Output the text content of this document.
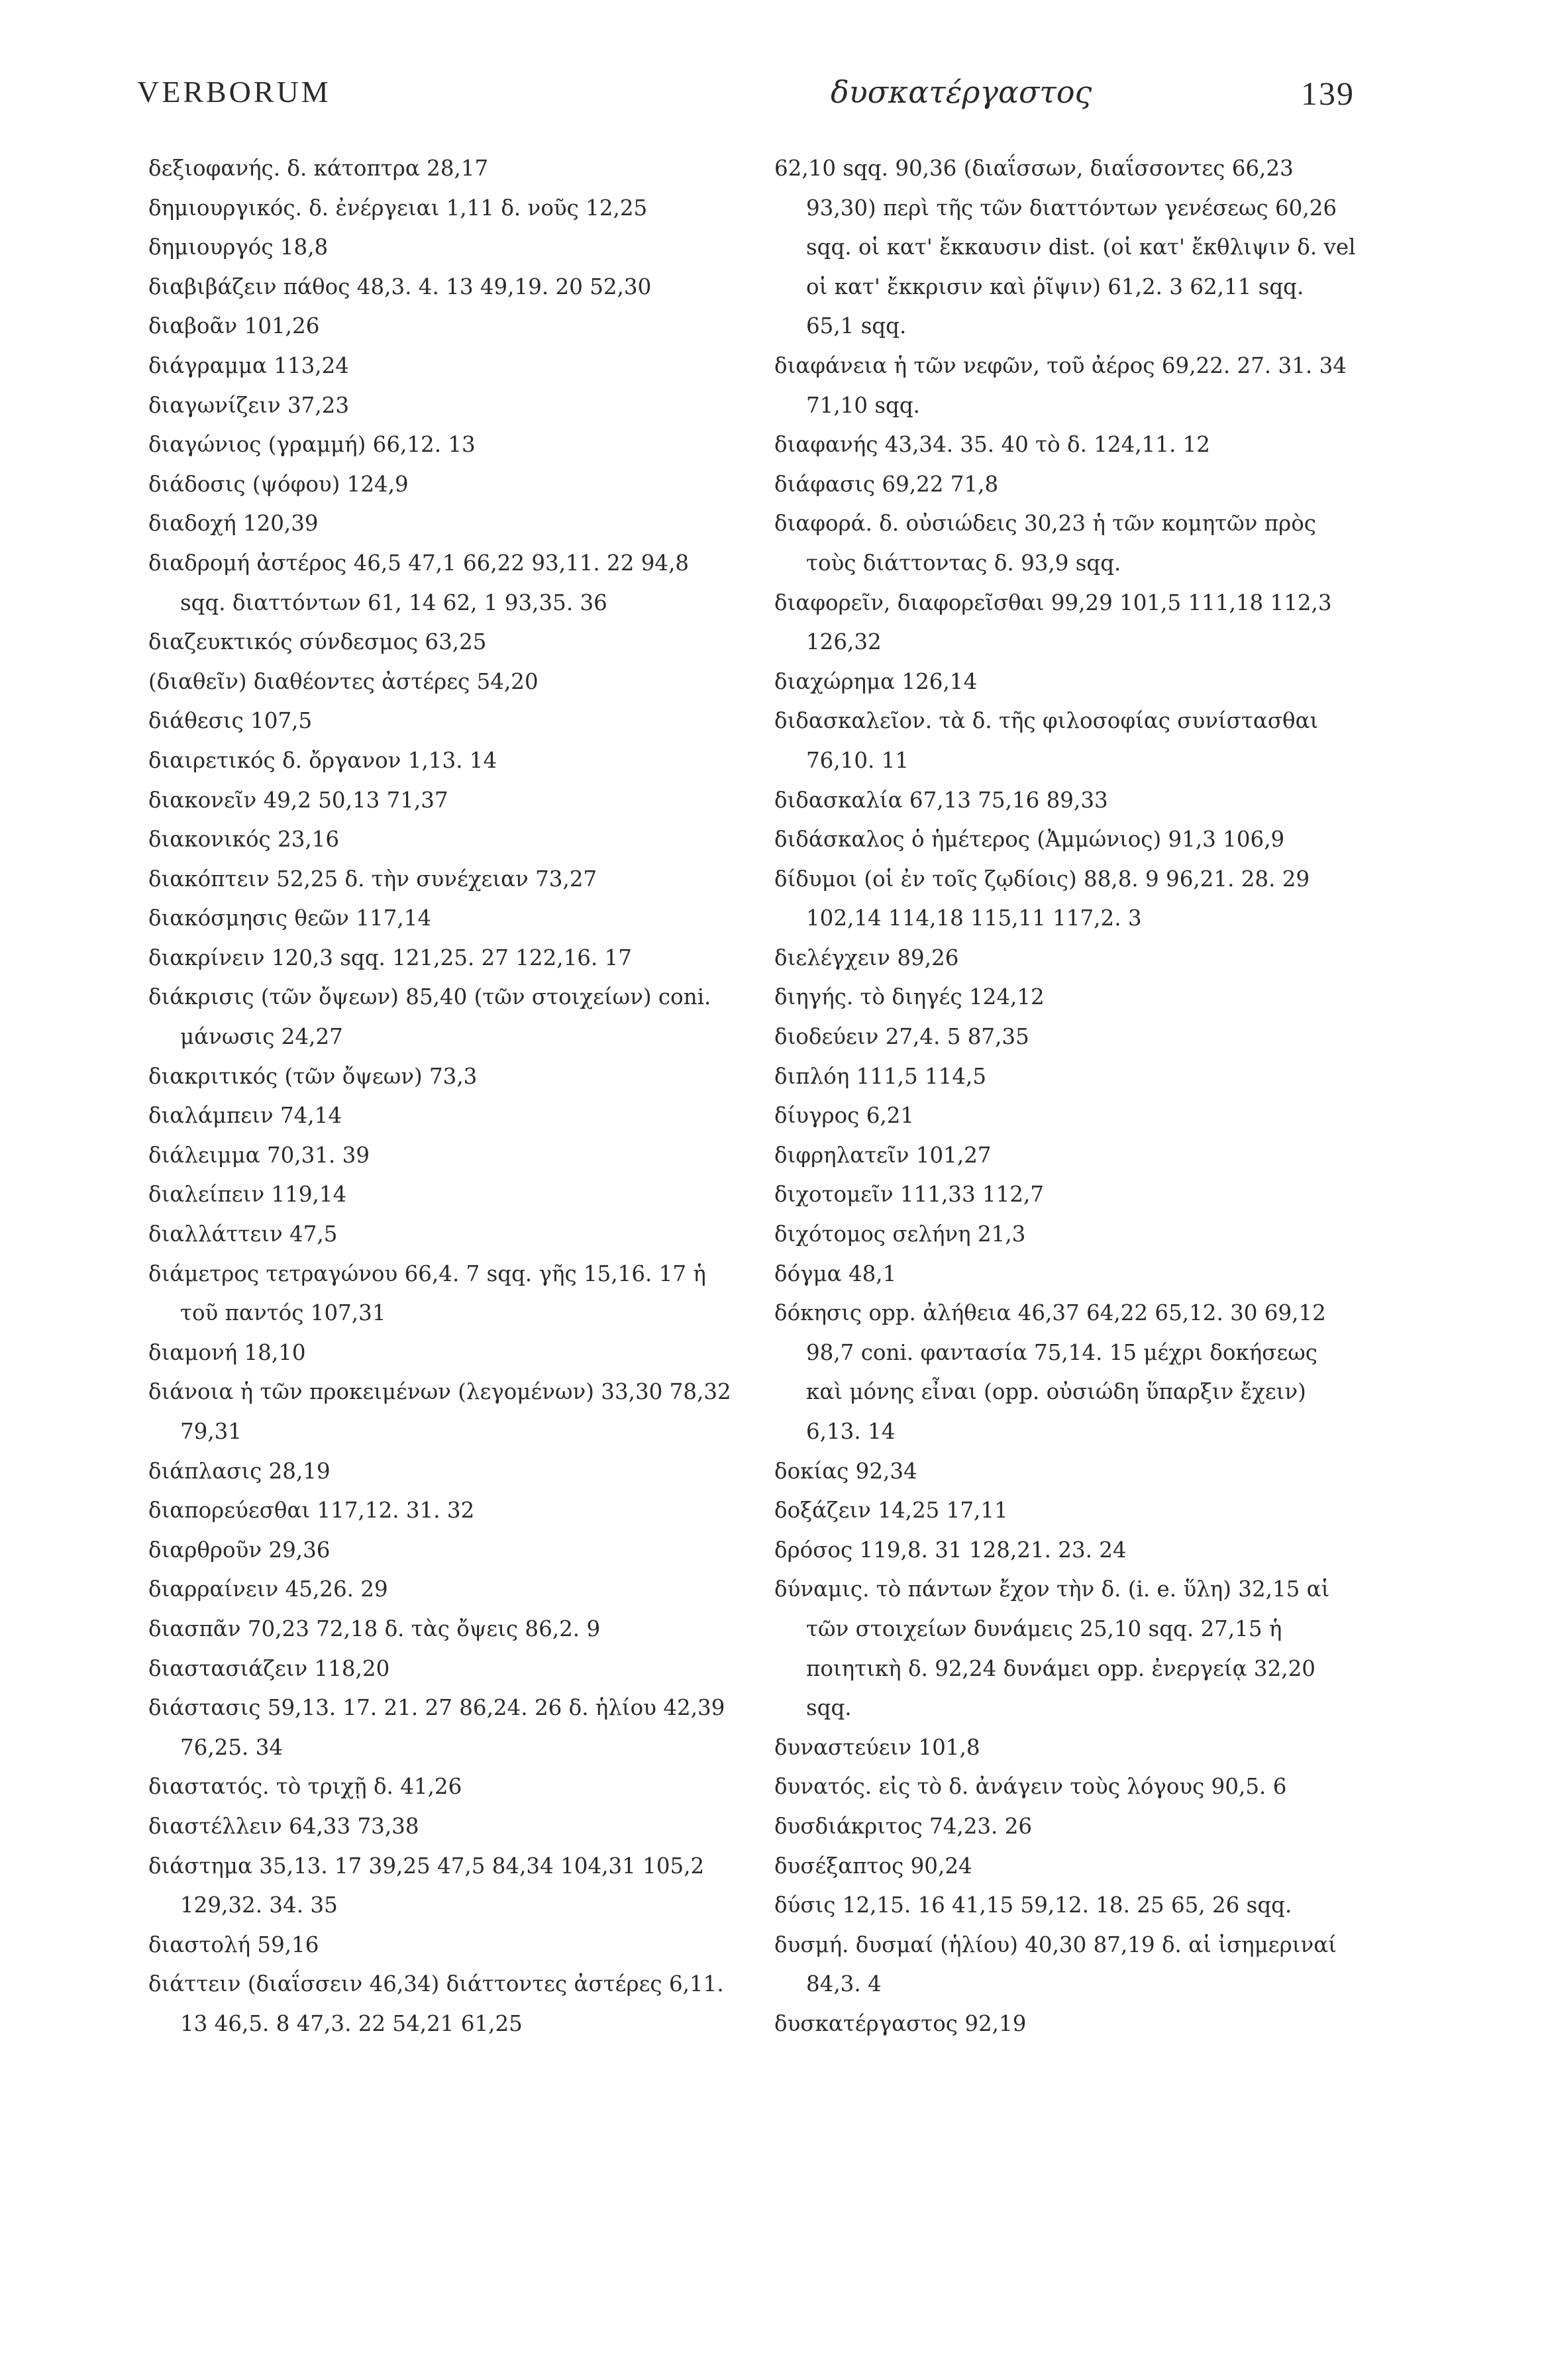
VERBORUM	δυσκατέργαστος	139

δεξιοφανής. δ. κάτοπτρα 28,17

δημιουργικός. δ. ἐνέργειαι 1,11 δ. νοῦς 12,25

δημιουργός 18,8

διαβιβάζειν πάθος 48,3. 4. 13 49,19. 20 52,30

διαβοᾶν 101,26

διάγραμμα 113,24

διαγωνίζειν 37,23

διαγώνιος (γραμμή) 66,12. 13

διάδοσις (ψόφου) 124,9

διαδοχή 120,39

διαδρομή ἀστέρος 46,5 47,1 66,22 93,11. 22 94,8 sqq. διαττόντων 61, 14 62, 1 93,35. 36

διαζευκτικός σύνδεσμος 63,25

(διαθεῖν) διαθέοντες ἀστέρες 54,20

διάθεσις 107,5

διαιρετικός δ. ὄργανον 1,13. 14

διακονεῖν 49,2 50,13 71,37

διακονικός 23,16

διακόπτειν 52,25 δ. τὴν συνέχειαν 73,27

διακόσμησις θεῶν 117,14

διακρίνειν 120,3 sqq. 121,25. 27 122,16. 17

διάκρισις (τῶν ὄψεων) 85,40 (τῶν στοιχείων) coni. μάνωσις 24,27

διακριτικός (τῶν ὄψεων) 73,3

διαλάμπειν 74,14

διάλειμμα 70,31. 39

διαλείπειν 119,14

διαλλάττειν 47,5

διάμετρος τετραγώνου 66,4. 7 sqq. γῆς 15,16. 17 ἡ τοῦ παντός 107,31

διαμονή 18,10

διάνοια ἡ τῶν προκειμένων (λεγομένων) 33,30 78,32 79,31

διάπλασις 28,19

διαπορεύεσθαι 117,12. 31. 32

διαρθροῦν 29,36

διαρραίνειν 45,26. 29

διασπᾶν 70,23 72,18 δ. τὰς ὄψεις 86,2. 9

διαστασιάζειν 118,20

διάστασις 59,13. 17. 21. 27 86,24. 26 δ. ἡλίου 42,39 76,25. 34

διαστατός. τὸ τριχῇ δ. 41,26

διαστέλλειν 64,33 73,38

διάστημα 35,13. 17 39,25 47,5 84,34 104,31 105,2 129,32. 34. 35

διαστολή 59,16

διάττειν (διαΐσσειν 46,34) διάττοντες ἀστέρες 6,11. 13 46,5. 8 47,3. 22 54,21 61,25

62,10 sqq. 90,36 (διαΐσσων, διαΐσσοντες 66,23 93,30) περὶ τῆς τῶν διαττόντων γενέσεως 60,26 sqq. οἱ κατ' ἔκκαυσιν dist. (οἱ κατ' ἔκθλιψιν δ. vel οἱ κατ' ἔκκρισιν καὶ ῥῖψιν) 61,2. 3 62,11 sqq. 65,1 sqq.

διαφάνεια ἡ τῶν νεφῶν, τοῦ ἀέρος 69,22. 27. 31. 34 71,10 sqq.

διαφανής 43,34. 35. 40 τὸ δ. 124,11. 12

διάφασις 69,22 71,8

διαφορά. δ. οὐσιώδεις 30,23 ἡ τῶν κομητῶν πρὸς τοὺς διάττοντας δ. 93,9 sqq.

διαφορεῖν, διαφορεῖσθαι 99,29 101,5 111,18 112,3 126,32

διαχώρημα 126,14

διδασκαλεῖον. τὰ δ. τῆς φιλοσοφίας συνίστασθαι 76,10. 11

διδασκαλία 67,13 75,16 89,33

διδάσκαλος ὁ ἡμέτερος (Ἀμμώνιος) 91,3 106,9

δίδυμοι (οἱ ἐν τοῖς ζῳδίοις) 88,8. 9 96,21. 28. 29 102,14 114,18 115,11 117,2. 3

διελέγχειν 89,26

διηγής. τὸ διηγές 124,12

διοδεύειν 27,4. 5 87,35

διπλόη 111,5 114,5

δίυγρος 6,21

διφρηλατεῖν 101,27

διχοτομεῖν 111,33 112,7

διχότομος σελήνη 21,3

δόγμα 48,1

δόκησις opp. ἀλήθεια 46,37 64,22 65,12. 30 69,12 98,7 coni. φαντασία 75,14. 15 μέχρι δοκήσεως καὶ μόνης εἶναι (opp. οὐσιώδη ὕπαρξιν ἔχειν) 6,13. 14

δοκίας 92,34

δοξάζειν 14,25 17,11

δρόσος 119,8. 31 128,21. 23. 24

δύναμις. τὸ πάντων ἔχον τὴν δ. (i. e. ὕλη) 32,15 αἱ τῶν στοιχείων δυνάμεις 25,10 sqq. 27,15 ἡ ποιητικὴ δ. 92,24 δυνάμει opp. ἐνεργείᾳ 32,20 sqq.

δυναστεύειν 101,8

δυνατός. εἰς τὸ δ. ἀνάγειν τοὺς λόγους 90,5. 6

δυσδιάκριτος 74,23. 26

δυσέξαπτος 90,24

δύσις 12,15. 16 41,15 59,12. 18. 25 65, 26 sqq.

δυσμή. δυσμαί (ἡλίου) 40,30 87,19 δ. αἱ ἰσημεριναί 84,3. 4

δυσκατέργαστος 92,19
